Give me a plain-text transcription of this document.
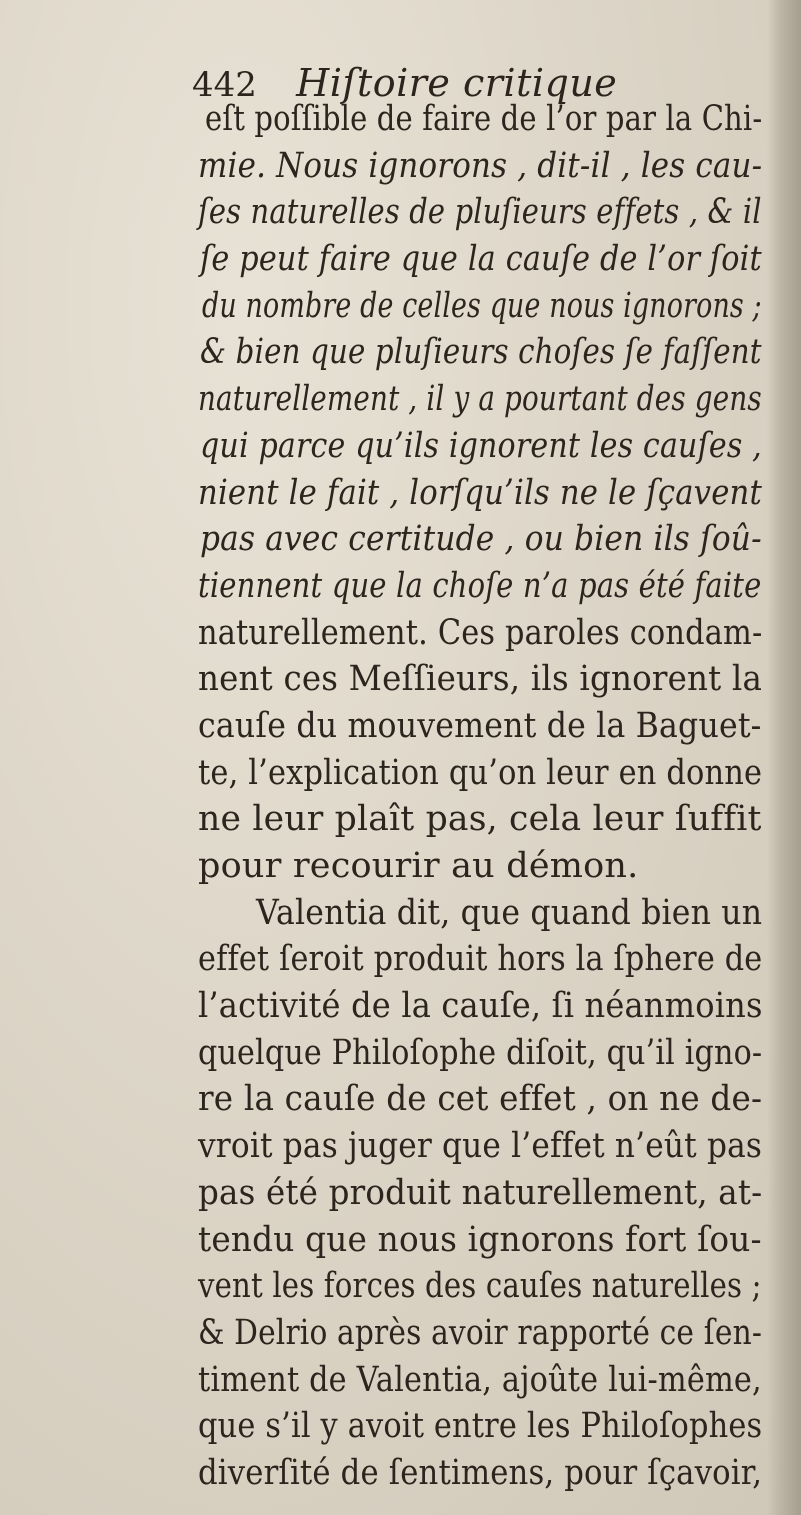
442 Hiſtoire critique
eſt poſſible de faire de l’or par la Chi-
mie. Nous ignorons , dit-il , les cau-
ſes naturelles de pluſieurs effets , & il
ſe peut faire que la cauſe de l’or ſoit
du nombre de celles que nous ignorons ;
& bien que pluſieurs choſes ſe faſſent
naturellement , il y a pourtant des gens
qui parce qu’ils ignorent les cauſes ,
nient le fait , lorſqu’ils ne le ſçavent
pas avec certitude , ou bien ils ſoû-
tiennent que la choſe n’a pas été faite
naturellement. Ces paroles condam-
nent ces Meſſieurs, ils ignorent la
cauſe du mouvement de la Baguet-
te, l’explication qu’on leur en donne
ne leur plaît pas, cela leur ſuffit
pour recourir au démon.
Valentia dit, que quand bien un
effet ſeroit produit hors la ſphere de
l’activité de la cauſe, ſi néanmoins
quelque Philoſophe diſoit, qu’il igno-
re la cauſe de cet effet , on ne de-
vroit pas juger que l’effet n’eût pas
pas été produit naturellement, at-
tendu que nous ignorons fort ſou-
vent les forces des cauſes naturelles ;
& Delrio après avoir rapporté ce ſen-
timent de Valentia, ajoûte lui-même,
que s’il y avoit entre les Philoſophes
diverſité de ſentimens, pour ſçavoir,
